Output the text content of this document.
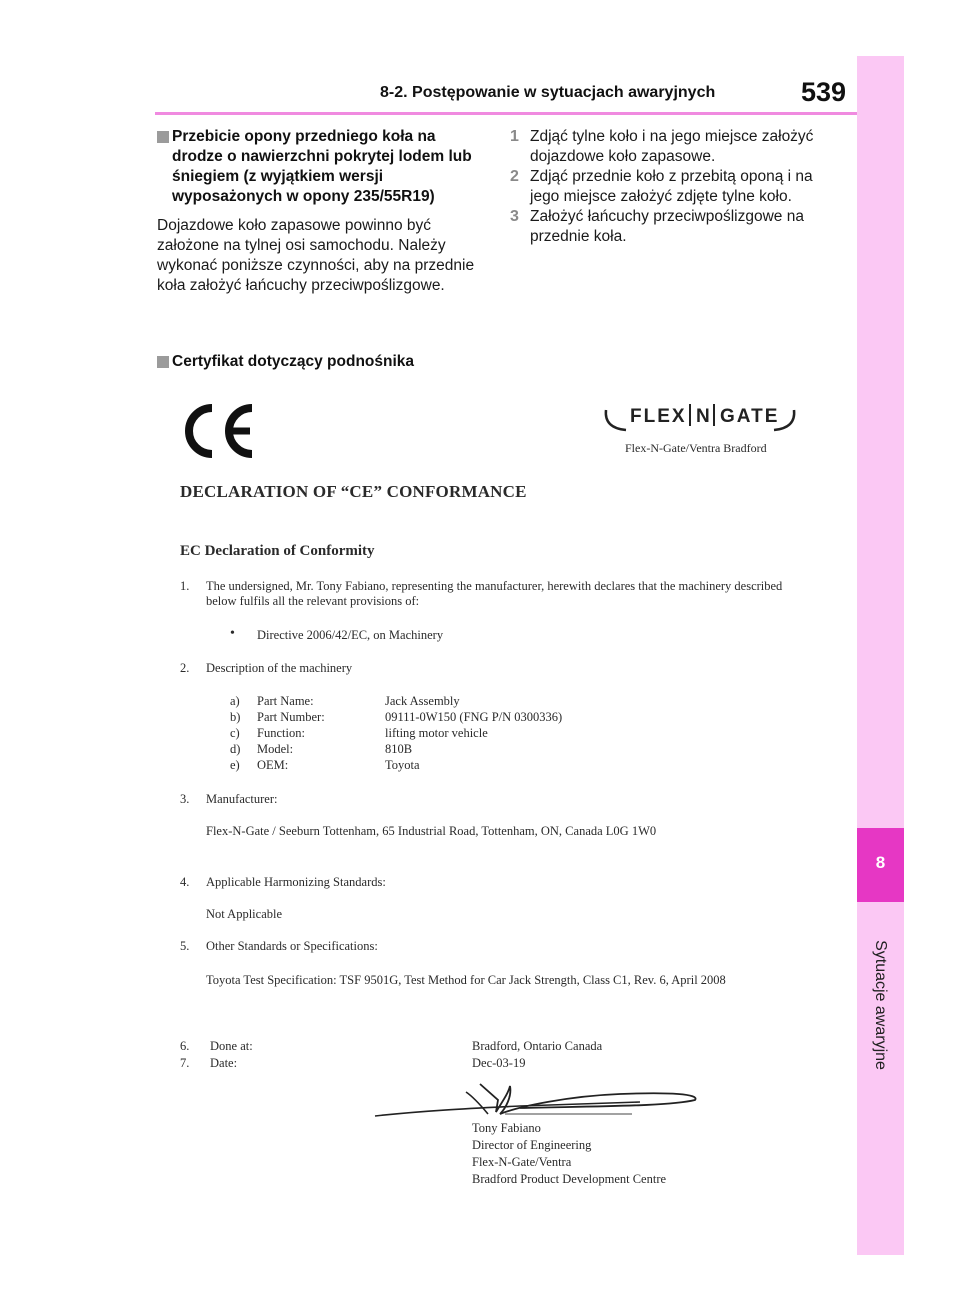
8
Sytuacje awaryjne
8-2. Postępowanie w sytuacjach awaryjnych	539
Przebicie opony przedniego koła na drodze o nawierzchni pokrytej lodem lub śniegiem (z wyjątkiem wersji wyposażonych w opony 235/55R19)
Dojazdowe koło zapasowe powinno być założone na tylnej osi samochodu. Należy wykonać poniższe czynności, aby na przednie koła założyć łańcuchy przeciwpoślizgowe.
Certyfikat dotyczący podnośnika
1 Zdjąć tylne koło i na jego miejsce założyć dojazdowe koło zapasowe.
2 Zdjąć przednie koło z przebitą oponą i na jego miejsce założyć zdjęte tylne koło.
3 Założyć łańcuchy przeciwpoślizgowe na przednie koła.
FLEX N GATE
Flex-N-Gate/Ventra Bradford
DECLARATION OF “CE” CONFORMANCE
EC Declaration of Conformity
1. The undersigned, Mr. Tony Fabiano, representing the manufacturer, herewith declares that the machinery described below fulfils all the relevant provisions of:
• Directive 2006/42/EC, on Machinery
2. Description of the machinery
a) Part Name:	Jack Assembly
b) Part Number:	09111-0W150 (FNG P/N 0300336)
c) Function:	lifting motor vehicle
d) Model:	810B
e) OEM:	Toyota
3. Manufacturer:
Flex-N-Gate / Seeburn Tottenham, 65 Industrial Road, Tottenham, ON, Canada L0G 1W0
4. Applicable Harmonizing Standards:
Not Applicable
5. Other Standards or Specifications:
Toyota Test Specification: TSF 9501G, Test Method for Car Jack Strength, Class C1, Rev. 6, April 2008
6. Done at:	Bradford, Ontario Canada
7. Date:	Dec-03-19
Tony Fabiano
Director of Engineering
Flex-N-Gate/Ventra
Bradford Product Development Centre
